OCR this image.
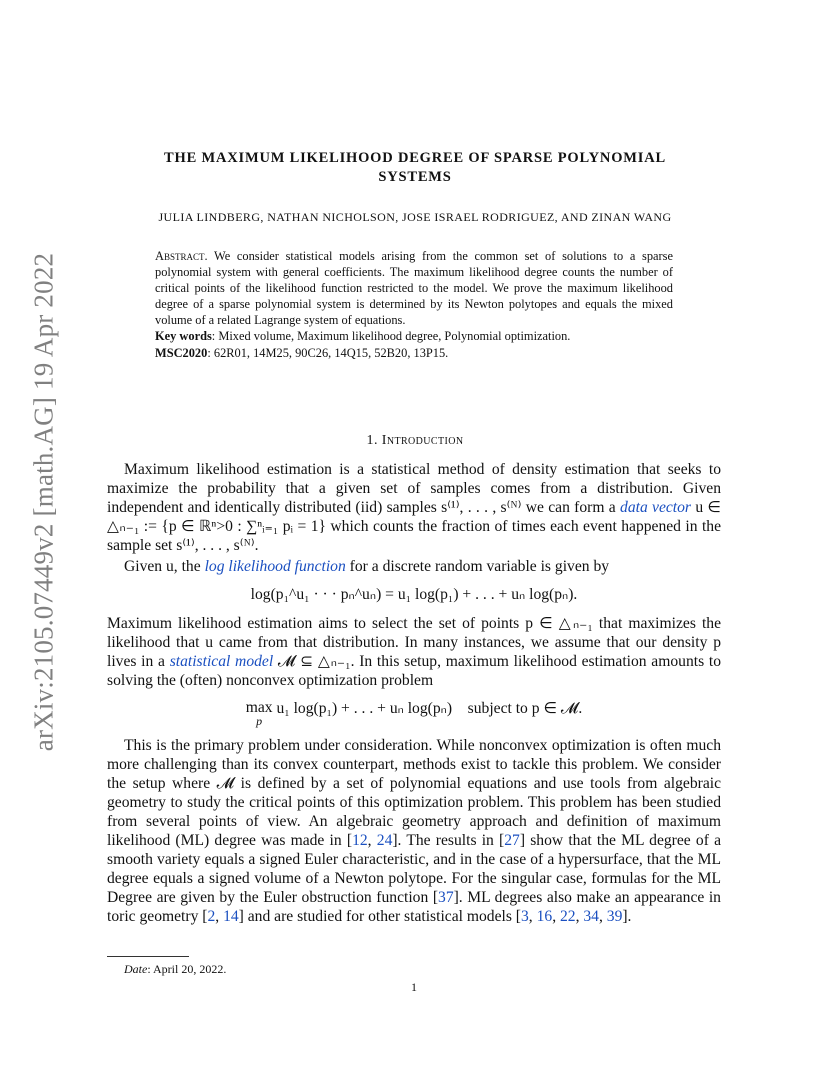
arXiv:2105.07449v2 [math.AG] 19 Apr 2022
THE MAXIMUM LIKELIHOOD DEGREE OF SPARSE POLYNOMIAL
SYSTEMS
JULIA LINDBERG, NATHAN NICHOLSON, JOSE ISRAEL RODRIGUEZ, AND ZINAN WANG

Abstract. We consider statistical models arising from the common set of solutions to a sparse polynomial system with general coefficients. The maximum likelihood degree counts the number of critical points of the likelihood function restricted to the model. We prove the maximum likelihood degree of a sparse polynomial system is determined by its Newton polytopes and equals the mixed volume of a related Lagrange system of equations.

Key words: Mixed volume, Maximum likelihood degree, Polynomial optimization.

MSC2020: 62R01, 14M25, 90C26, 14Q15, 52B20, 13P15.

1. Introduction

Maximum likelihood estimation is a statistical method of density estimation that seeks to maximize the probability that a given set of samples comes from a distribution. Given independent and identically distributed (iid) samples s⁽¹⁾, . . . , s⁽ᴺ⁾ we can form a data vector u ∈ △ₙ₋₁ := {p ∈ ℝⁿ>0 : ∑ⁿᵢ₌₁ pᵢ = 1} which counts the fraction of times each event happened in the sample set s⁽¹⁾, . . . , s⁽ᴺ⁾.

Given u, the log likelihood function for a discrete random variable is given by

log(p₁^u₁ · · · pₙ^uₙ) = u₁ log(p₁) + . . . + uₙ log(pₙ).

Maximum likelihood estimation aims to select the set of points p ∈ △ₙ₋₁ that maximizes the likelihood that u came from that distribution. In many instances, we assume that our density p lives in a statistical model 𝓜 ⊆ △ₙ₋₁. In this setup, maximum likelihood estimation amounts to solving the (often) nonconvex optimization problem

max
$^p$ u₁ log(p₁) + . . . + uₙ log(pₙ) subject to p ∈ 𝓜.

This is the primary problem under consideration. While nonconvex optimization is often much more challenging than its convex counterpart, methods exist to tackle this problem. We consider the setup where 𝓜 is defined by a set of polynomial equations and use tools from algebraic geometry to study the critical points of this optimization problem. This problem has been studied from several points of view. An algebraic geometry approach and definition of maximum likelihood (ML) degree was made in [12, 24]. The results in [27] show that the ML degree of a smooth variety equals a signed Euler characteristic, and in the case of a hypersurface, that the ML degree equals a signed volume of a Newton polytope. For the singular case, formulas for the ML Degree are given by the Euler obstruction function [37]. ML degrees also make an appearance in toric geometry [2, 14] and are studied for other statistical models [3, 16, 22, 34, 39].

Date: April 20, 2022.
1
